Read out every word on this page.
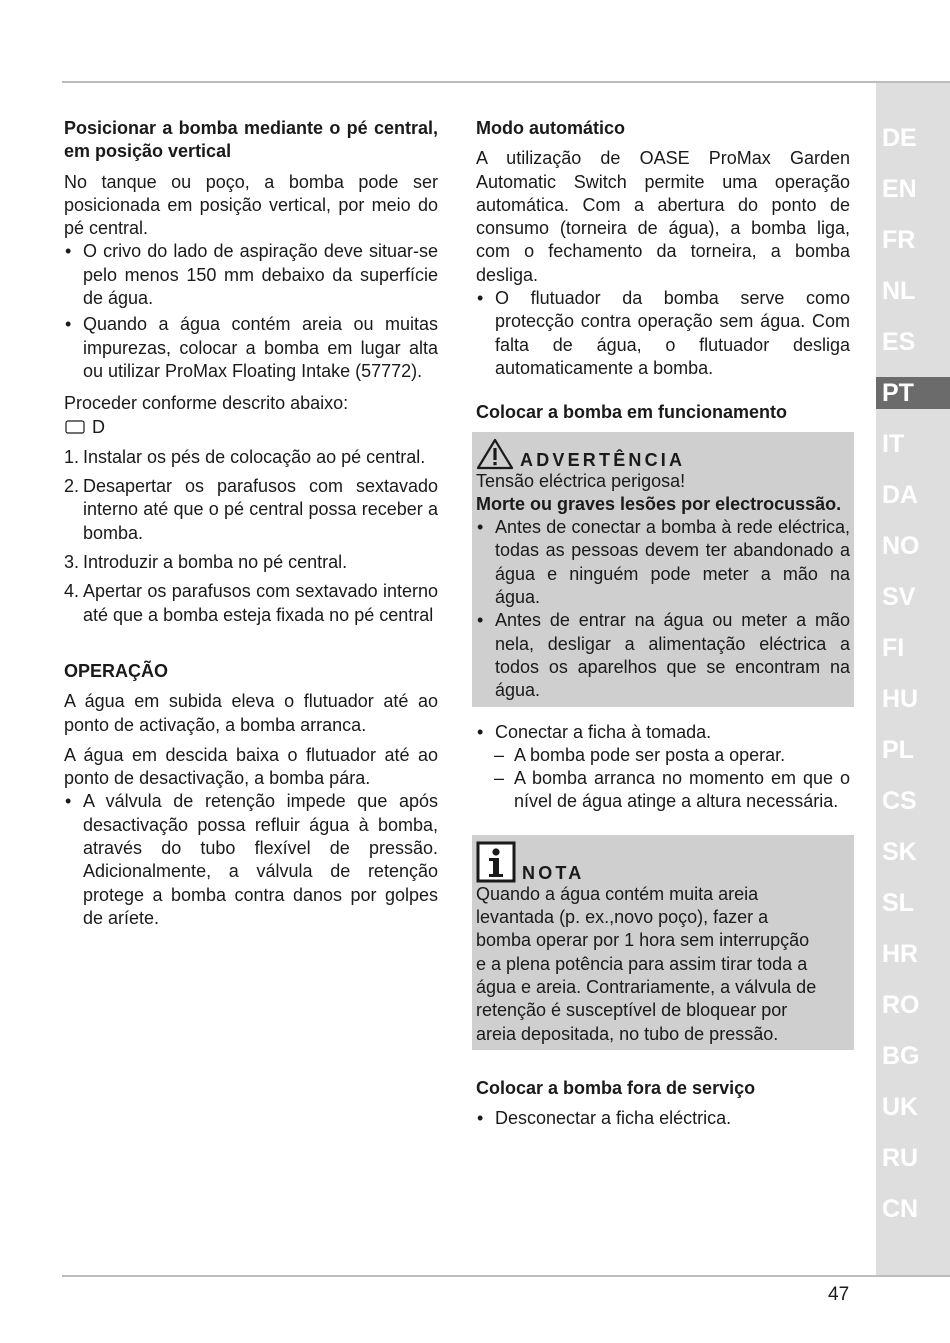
DE
EN
FR
NL
ES
PT
IT
DA
NO
SV
FI
HU
PL
CS
SK
SL
HR
RO
BG
UK
RU
CN

Posicionar a bomba mediante o pé central, em posição vertical

No tanque ou poço, a bomba pode ser posicionada em posição vertical, por meio do pé central.

• O crivo do lado de aspiração deve situar-se pelo menos 150 mm debaixo da superfície de água.
• Quando a água contém areia ou muitas impurezas, colocar a bomba em lugar alta ou utilizar ProMax Floating Intake (57772).

Proceder conforme descrito abaixo:

D
1. Instalar os pés de colocação ao pé central.
2. Desapertar os parafusos com sextavado interno até que o pé central possa receber a bomba.
3. Introduzir a bomba no pé central.
4. Apertar os parafusos com sextavado interno até que a bomba esteja fixada no pé central

OPERAÇÃO

A água em subida eleva o flutuador até ao ponto de activação, a bomba arranca.

A água em descida baixa o flutuador até ao ponto de desactivação, a bomba pára.

• A válvula de retenção impede que após desactivação possa refluir água à bomba, através do tubo flexível de pressão. Adicionalmente, a válvula de retenção protege a bomba contra danos por golpes de aríete.

Modo automático

A utilização de OASE ProMax Garden Automatic Switch permite uma operação automática. Com a abertura do ponto de consumo (torneira de água), a bomba liga, com o fechamento da torneira, a bomba desliga.

• O flutuador da bomba serve como protecção contra operação sem água. Com falta de água, o flutuador desliga automaticamente a bomba.

Colocar a bomba em funcionamento

ADVERTÊNCIA

Tensão eléctrica perigosa!

Morte ou graves lesões por electrocussão.

• Antes de conectar a bomba à rede eléctrica, todas as pessoas devem ter abandonado a água e ninguém pode meter a mão na água.
• Antes de entrar na água ou meter a mão nela, desligar a alimentação eléctrica a todos os aparelhos que se encontram na água.
• Conectar a ficha à tomada.
– A bomba pode ser posta a operar.
– A bomba arranca no momento em que o nível de água atinge a altura necessária.
NOTA

Quando a água contém muita areia levantada (p. ex.,novo poço), fazer a bomba operar por 1 hora sem interrupção e a plena potência para assim tirar toda a água e areia. Contrariamente, a válvula de retenção é susceptível de bloquear por areia depositada, no tubo de pressão.

Colocar a bomba fora de serviço

• Desconectar a ficha eléctrica.
47
